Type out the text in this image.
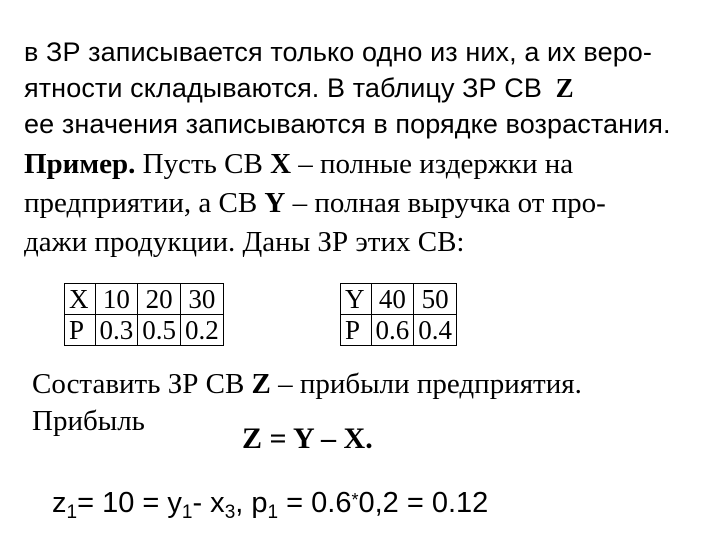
в ЗР записывается только одно из них, а их веро-
ятности складываются. В таблицу ЗР СВ Z
ее значения записываются в порядке возрастания.
Пример. Пусть СВ X – полные издержки на
предприятии, а СВ Y – полная выручка от про-
дажи продукции. Даны ЗР этих СВ:
X	10	20	30
P	0.3	0.5	0.2
Y	40	50
P	0.6	0.4
Составить ЗР СВ Z – прибыли предприятия.
Прибыль
Z = Y – X.
$z_1= 10 = y_1-$ $x_3$, $p_1 = 0.6^*0,2 = 0.12$
